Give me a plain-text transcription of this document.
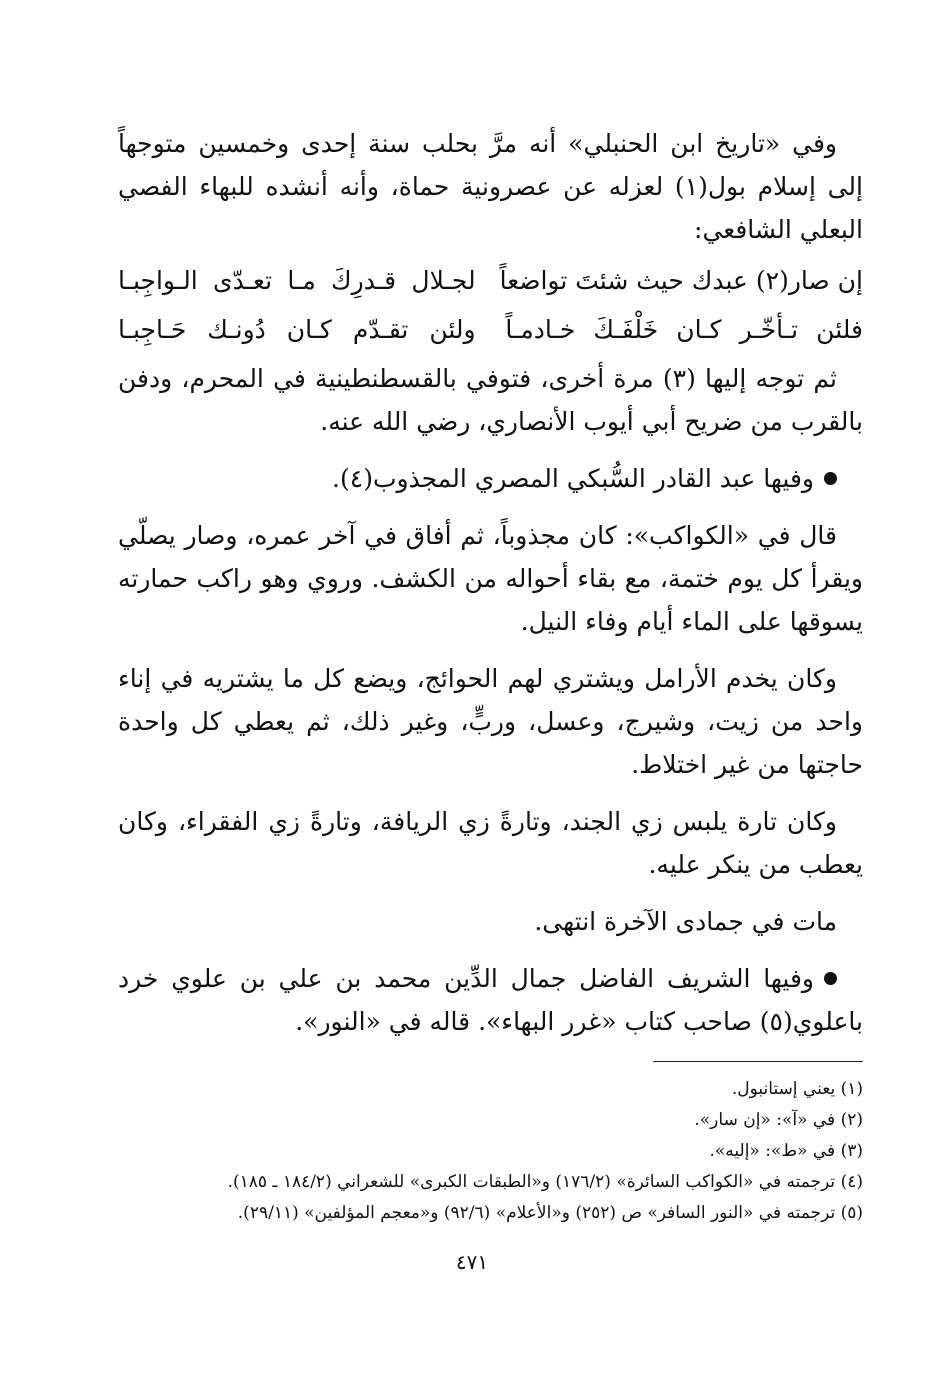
وفي «تاريخ ابن الحنبلي» أنه مرَّ بحلب سنة إحدى وخمسين متوجهاً إلى إسلام بول(١) لعزله عن عصرونية حماة، وأنه أنشده للبهاء الفصي البعلي الشافعي:

إن صار(٢) عبدك حيث شئتَ تواضعاً
لجـلال قـدرِكَ مـا تعـدّى الـواجِبـا
فلئن تـأخّـر كـان خَلْفَـكَ خـادمـاً
ولئن تقـدّم كـان دُونـك حَـاجِبـا

ثم توجه إليها (٣) مرة أخرى، فتوفي بالقسطنطينية في المحرم، ودفن بالقرب من ضريح أبي أيوب الأنصاري، رضي الله عنه.

وفيها عبد القادر السُّبكي المصري المجذوب(٤).

قال في «الكواكب»: كان مجذوباً، ثم أفاق في آخر عمره، وصار يصلّي ويقرأ كل يوم ختمة، مع بقاء أحواله من الكشف. وروي وهو راكب حمارته يسوقها على الماء أيام وفاء النيل.

وكان يخدم الأرامل ويشتري لهم الحوائج، ويضع كل ما يشتريه في إناء واحد من زيت، وشيرج، وعسل، وربٍّ، وغير ذلك، ثم يعطي كل واحدة حاجتها من غير اختلاط.

وكان تارة يلبس زي الجند، وتارةً زي الريافة، وتارةً زي الفقراء، وكان يعطب من ينكر عليه.

مات في جمادى الآخرة انتهى.

وفيها الشريف الفاضل جمال الدِّين محمد بن علي بن علوي خرد باعلوي(٥) صاحب كتاب «غرر البهاء». قاله في «النور».

(١) يعني إستانبول.

(٢) في «آ»: «إن سار».

(٣) في «ط»: «إليه».

(٤) ترجمته في «الكواكب السائرة» (١٧٦/٢) و«الطبقات الكبرى» للشعراني (١٨٤/٢ ـ ١٨٥).

(٥) ترجمته في «النور السافر» ص (٢٥٢) و«الأعلام» (٩٢/٦) و«معجم المؤلفين» (٢٩/١١).

٤٧١
